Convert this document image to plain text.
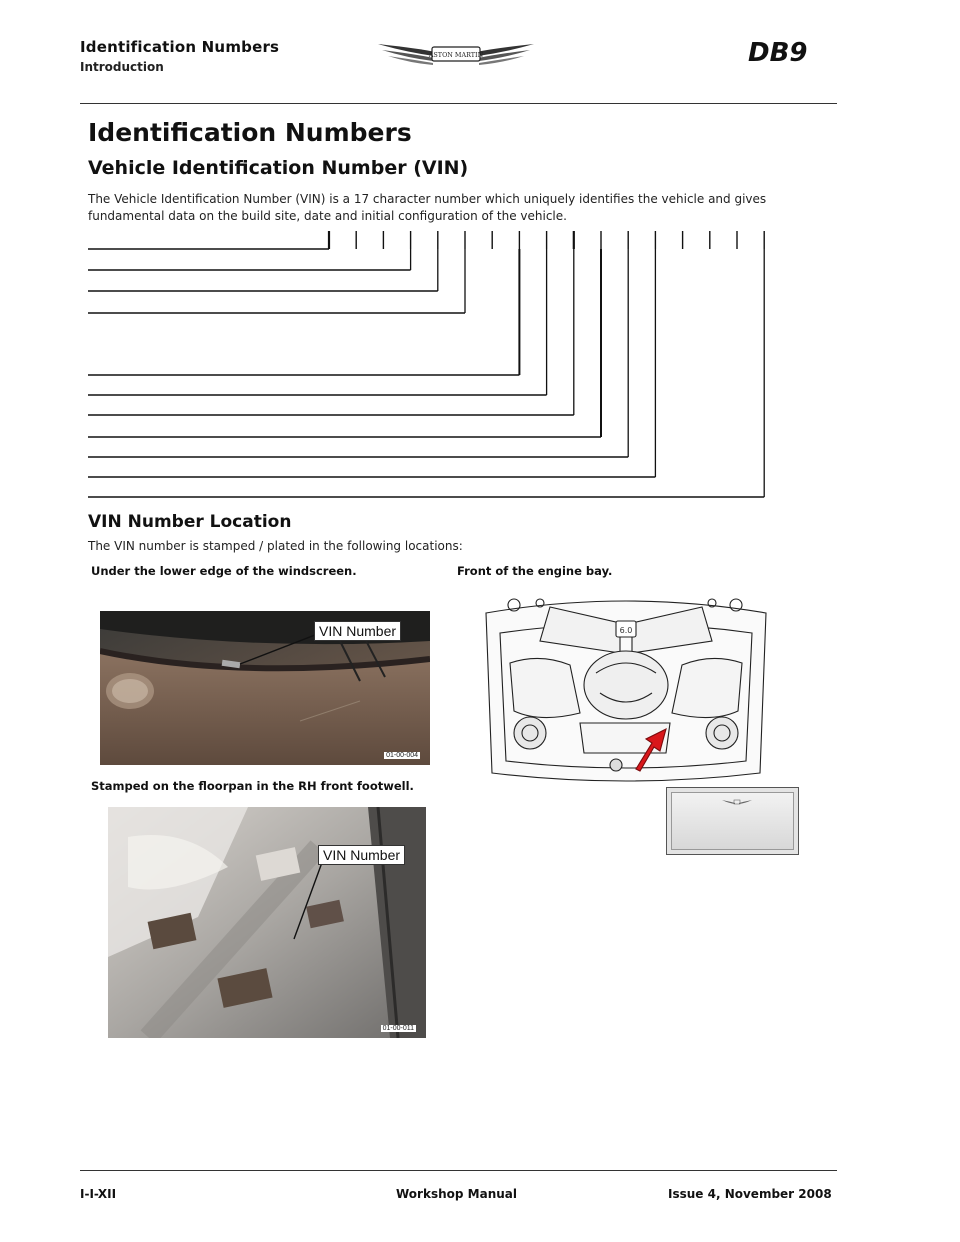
Identification Numbers
Introduction
ASTON MARTIN	DB9
Identification Numbers
Vehicle Identification Number (VIN)
The Vehicle Identification Number (VIN) is a 17 character number which uniquely identifies the vehicle and gives fundamental data on the build site, date and initial configuration of the vehicle.
VIN Number Location
The VIN number is stamped / plated in the following locations:
Under the lower edge of the windscreen.	Front of the engine bay.
Stamped on the floorpan in the RH front footwell.
VIN Number
01-00-004
VIN Number
01-00-011
6.0
I-I-XII	Workshop Manual	Issue 4, November 2008
